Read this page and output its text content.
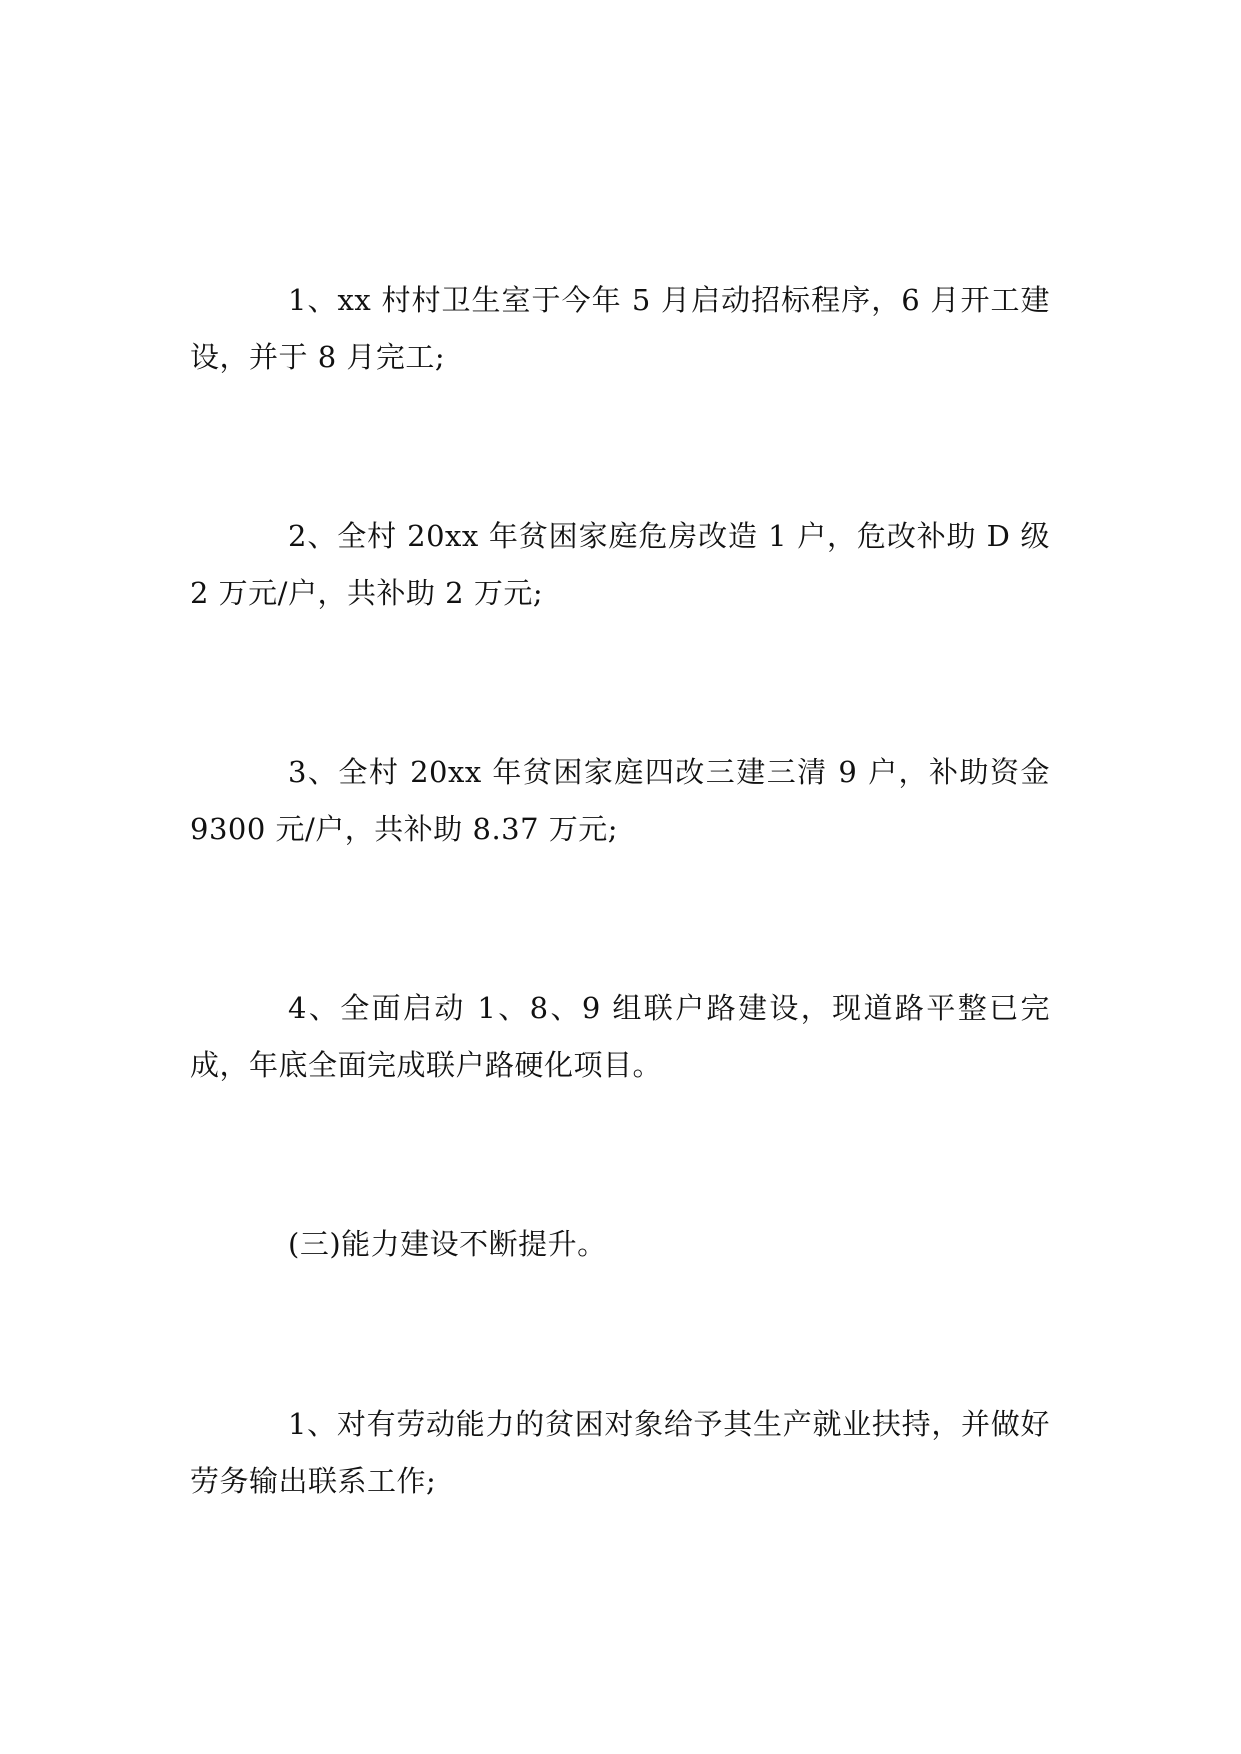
1、xx 村村卫生室于今年 5 月启动招标程序，6 月开工建设，并于 8 月完工;

2、全村 20xx 年贫困家庭危房改造 1 户，危改补助 D 级 2 万元/户，共补助 2 万元;

3、全村 20xx 年贫困家庭四改三建三清 9 户，补助资金 9300 元/户，共补助 8.37 万元;

4、全面启动 1、8、9 组联户路建设，现道路平整已完成，年底全面完成联户路硬化项目。

(三)能力建设不断提升。

1、对有劳动能力的贫困对象给予其生产就业扶持，并做好劳务输出联系工作;
